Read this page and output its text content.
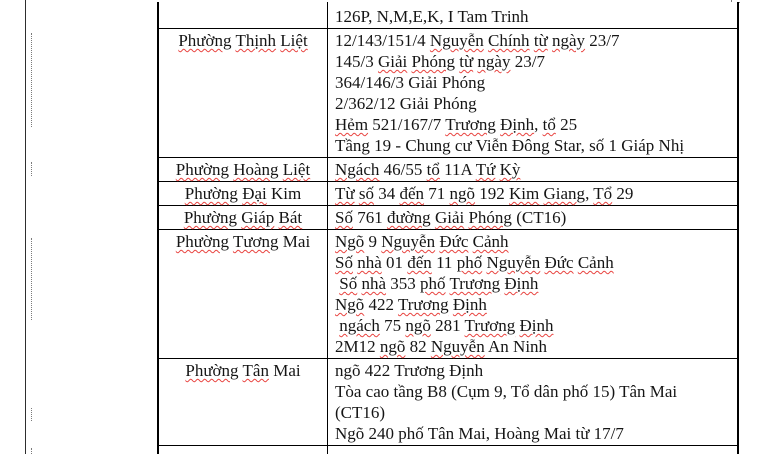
126P, N,M,E,K, I Tam Trinh
Phường Thịnh Liệt	12/143/151/4 Nguyễn Chính từ ngày 23/7
145/3 Giải Phóng từ ngày 23/7
364/146/3 Giải Phóng
2/362/12 Giải Phóng
Hẻm 521/167/7 Trương Định, tổ 25
Tầng 19 - Chung cư Viễn Đông Star, số 1 Giáp Nhị
Phường Hoàng Liệt	Ngách 46/55 tổ 11A Tứ Kỳ
Phường Đại Kim	Từ số 34 đến 71 ngõ 192 Kim Giang, Tổ 29
Phường Giáp Bát	Số 761 đường Giải Phóng (CT16)
Phường Tương Mai	Ngõ 9 Nguyễn Đức Cảnh
Số nhà 01 đến 11 phố Nguyễn Đức Cảnh
Số nhà 353 phố Trương Định
Ngõ 422 Trương Định
ngách 75 ngõ 281 Trương Định
2M12 ngõ 82 Nguyễn An Ninh
Phường Tân Mai	ngõ 422 Trương Định
Tòa cao tầng B8 (Cụm 9, Tổ dân phố 15) Tân Mai
(CT16)
Ngõ 240 phố Tân Mai, Hoàng Mai từ 17/7
